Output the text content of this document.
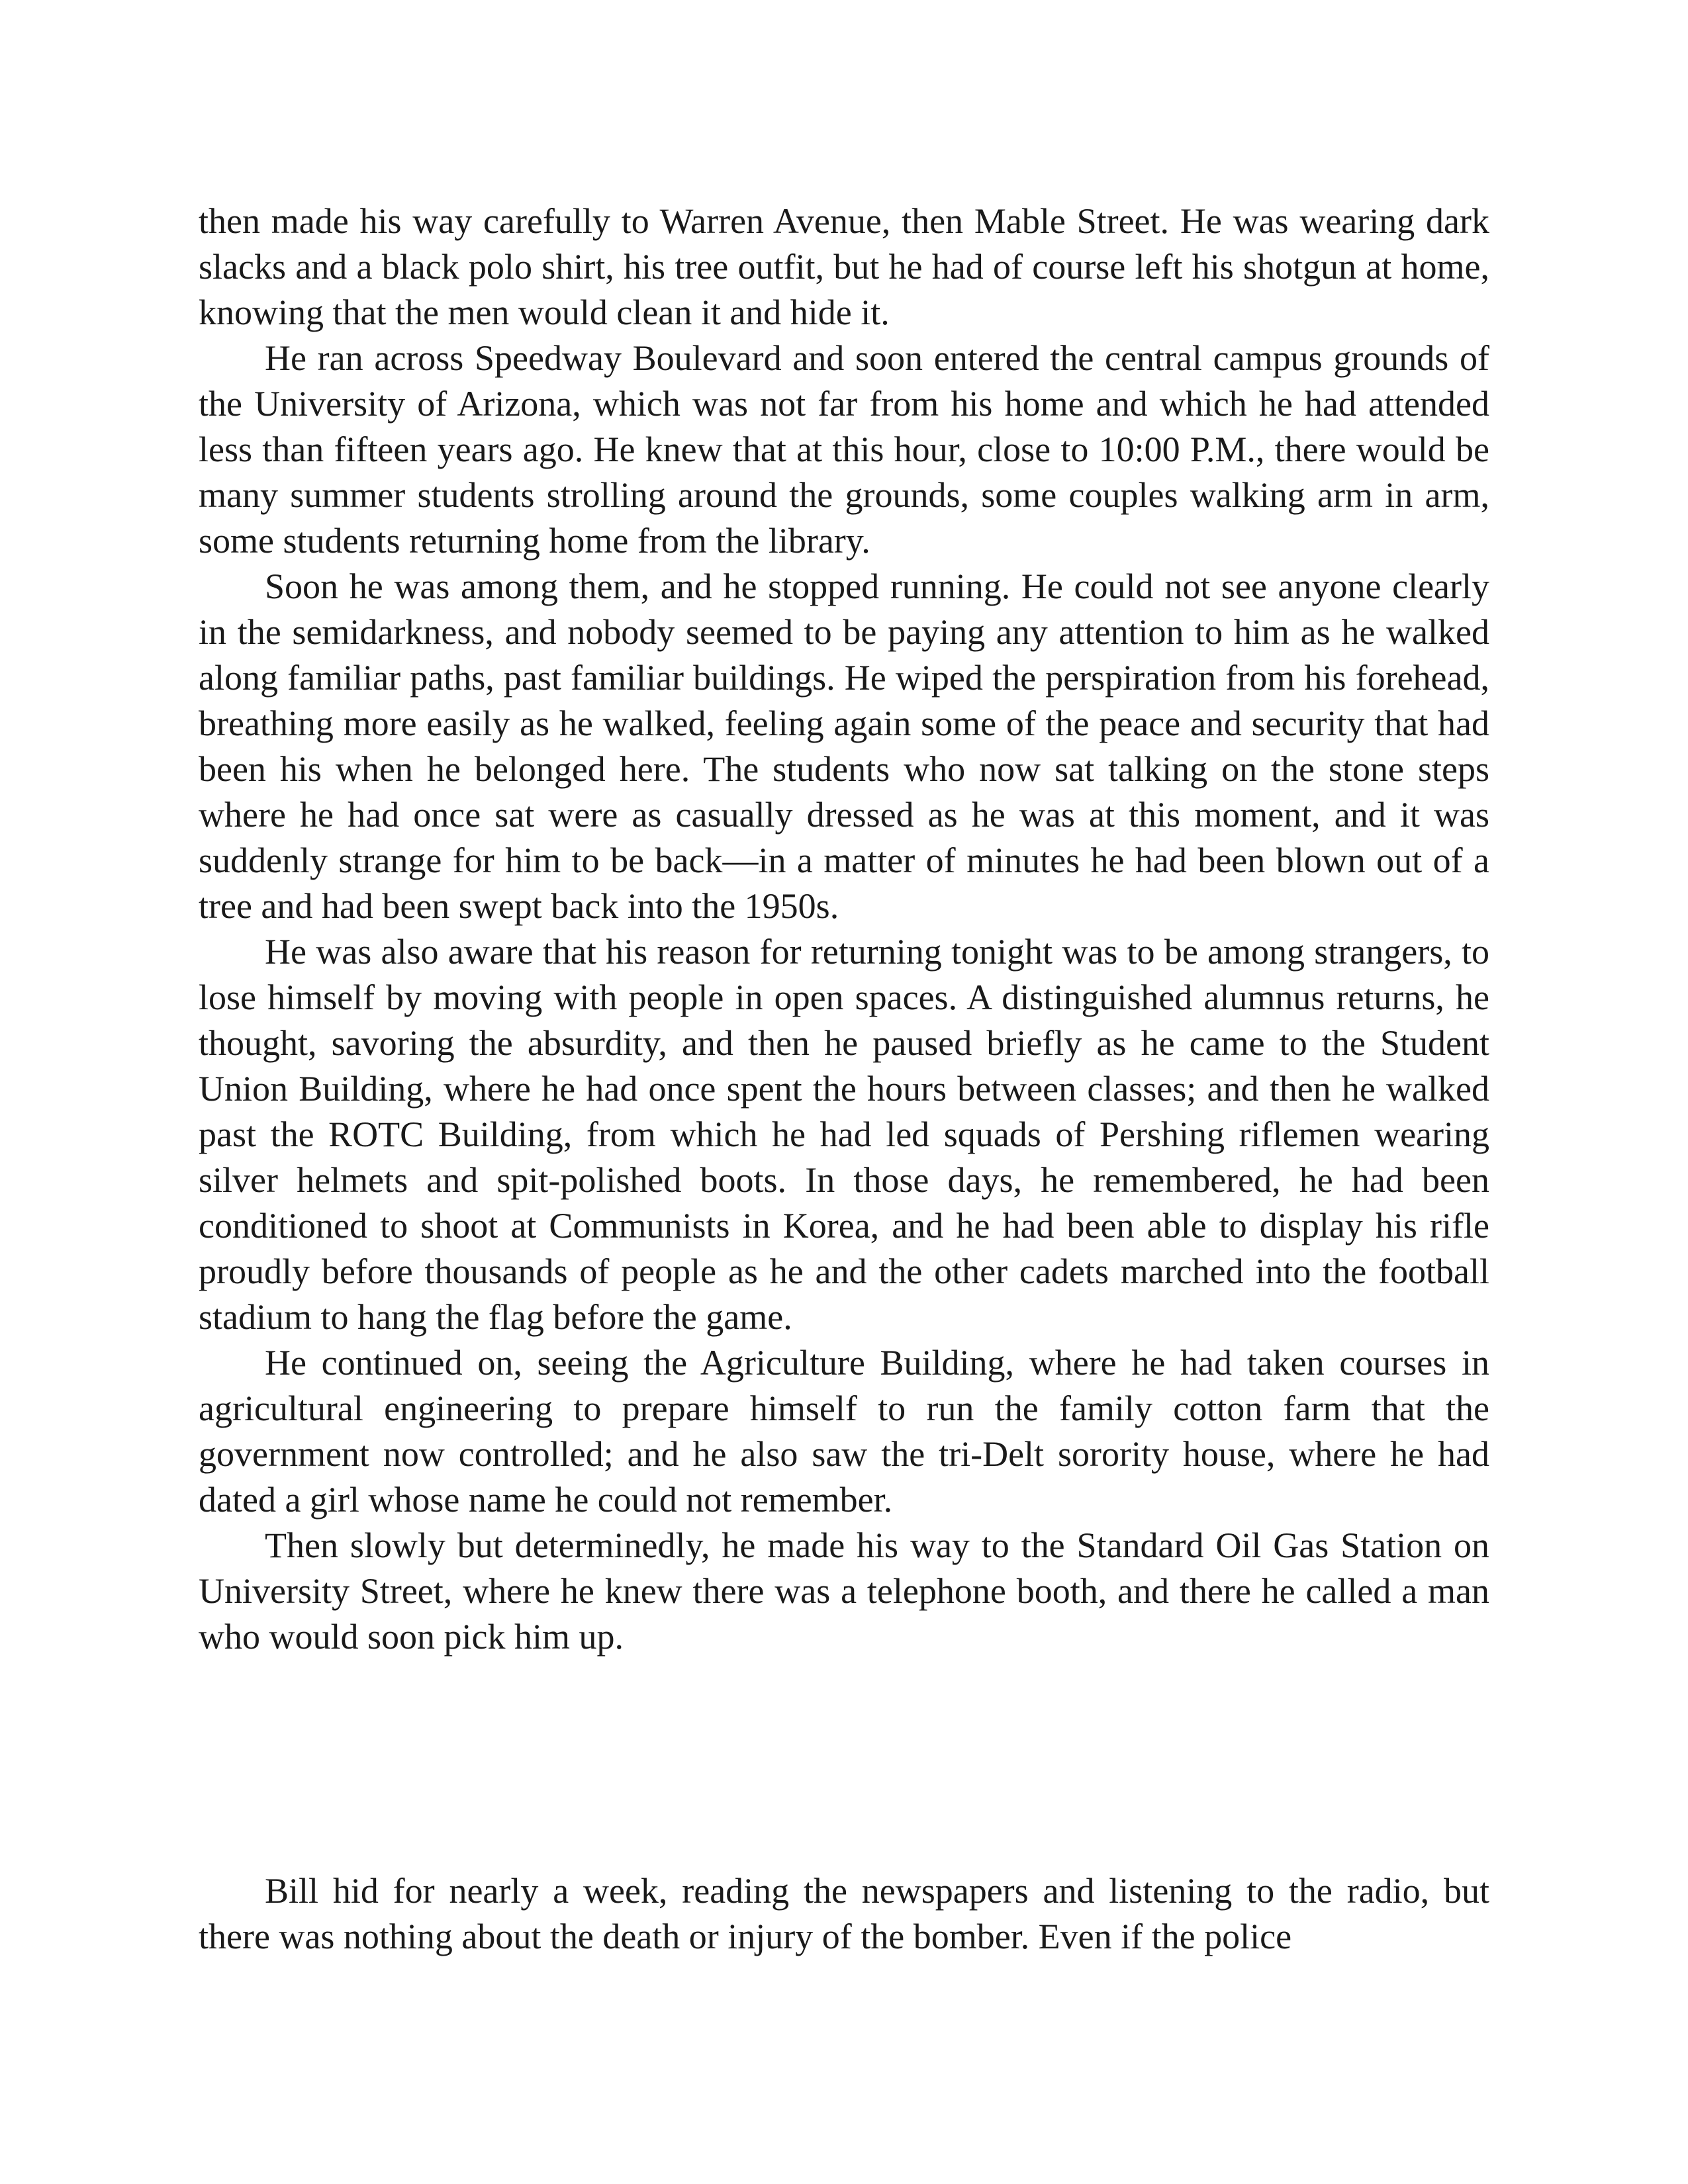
then made his way carefully to Warren Avenue, then Mable Street. He was wearing dark slacks and a black polo shirt, his tree outfit, but he had of course left his shotgun at home, knowing that the men would clean it and hide it.

He ran across Speedway Boulevard and soon entered the central campus grounds of the University of Arizona, which was not far from his home and which he had attended less than fifteen years ago. He knew that at this hour, close to 10:00 P.M., there would be many summer students strolling around the grounds, some couples walking arm in arm, some students returning home from the library.

Soon he was among them, and he stopped running. He could not see anyone clearly in the semidarkness, and nobody seemed to be paying any attention to him as he walked along familiar paths, past familiar buildings. He wiped the perspiration from his forehead, breathing more easily as he walked, feeling again some of the peace and security that had been his when he belonged here. The students who now sat talking on the stone steps where he had once sat were as casually dressed as he was at this moment, and it was suddenly strange for him to be back—in a matter of minutes he had been blown out of a tree and had been swept back into the 1950s.

He was also aware that his reason for returning tonight was to be among strangers, to lose himself by moving with people in open spaces. A distinguished alumnus returns, he thought, savoring the absurdity, and then he paused briefly as he came to the Student Union Building, where he had once spent the hours between classes; and then he walked past the ROTC Building, from which he had led squads of Pershing riflemen wearing silver helmets and spit-polished boots. In those days, he remembered, he had been conditioned to shoot at Communists in Korea, and he had been able to display his rifle proudly before thousands of people as he and the other cadets marched into the football stadium to hang the flag before the game.

He continued on, seeing the Agriculture Building, where he had taken courses in agricultural engineering to prepare himself to run the family cotton farm that the government now controlled; and he also saw the tri-Delt sorority house, where he had dated a girl whose name he could not remember.

Then slowly but determinedly, he made his way to the Standard Oil Gas Station on University Street, where he knew there was a telephone booth, and there he called a man who would soon pick him up.

Bill hid for nearly a week, reading the newspapers and listening to the radio, but there was nothing about the death or injury of the bomber. Even if the police
